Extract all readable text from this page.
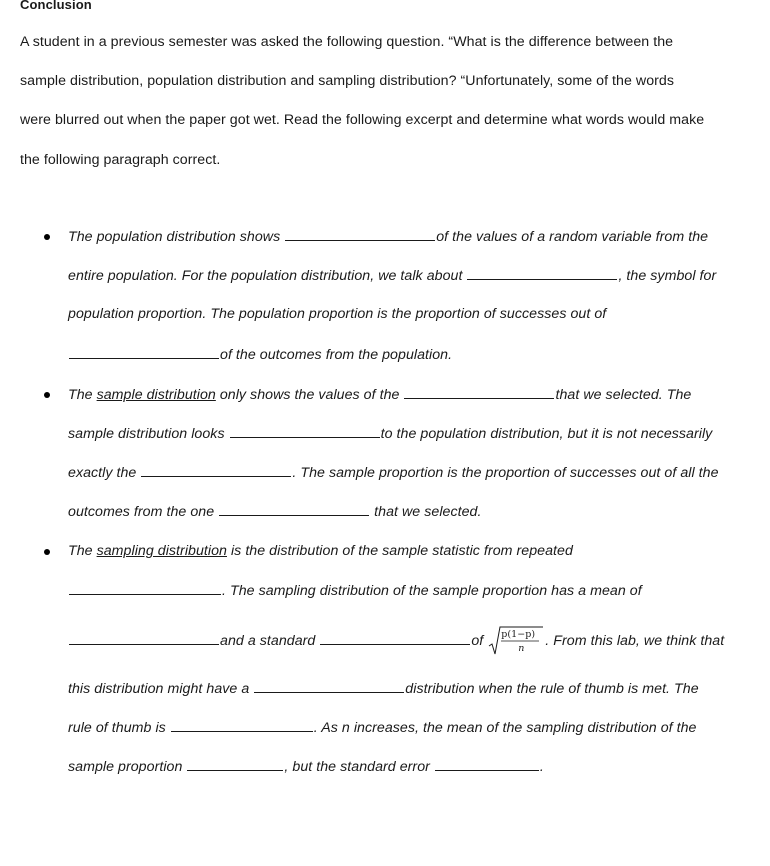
Conclusion
A student in a previous semester was asked the following question. “What is the difference between the
sample distribution, population distribution and sampling distribution? “Unfortunately, some of the words
were blurred out when the paper got wet. Read the following excerpt and determine what words would make
the following paragraph correct.
The population distribution shows	of the values of a random variable from the
entire population. For the population distribution, we talk about	, the symbol for
population proportion. The population proportion is the proportion of successes out of
of the outcomes from the population.
The sample distribution only shows the values of the	that we selected. The
sample distribution looks	to the population distribution, but it is not necessarily
exactly the	. The sample proportion is the proportion of successes out of all the
outcomes from the one	that we selected.
The sampling distribution is the distribution of the sample statistic from repeated
. The sampling distribution of the sample proportion has a mean of
and a standard	of p(1−p)
n . From this lab, we think that
this distribution might have a	distribution when the rule of thumb is met. The
rule of thumb is	. As n increases, the mean of the sampling distribution of the
sample proportion	, but the standard error	.
